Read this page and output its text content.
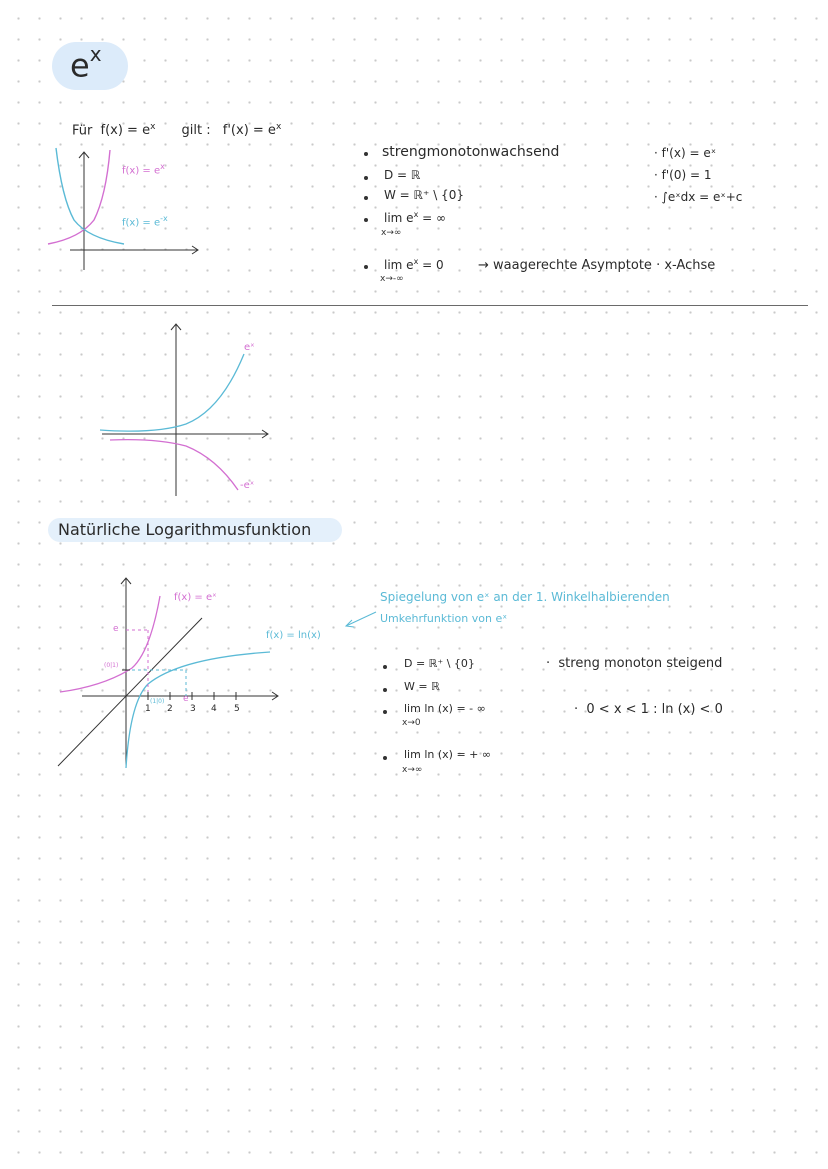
$e^x$
Für $f(x) = e^x$ gilt : $f'(x) = e^x$
$f(x) = e^x$
$f(x) = e^{-x}$
strengmonotonwachsend
D = ℝ
W = ℝ⁺ \ {0}
$\lim e^x$ = ∞
x→∞
$\lim e^x = 0$
x→-∞
→ waagerechte Asymptote · x-Achse
· f'(x) = eˣ
· f'(0) = 1
· ∫eˣdx = eˣ+c
eˣ
-eˣ
Natürliche Logarithmusfunktion
f(x) = eˣ
f(x) = ln(x)
e
(0|1)
(1|0)
1 2
e
3 4 5
Spiegelung von eˣ an der 1. Winkelhalbierenden
Umkehrfunktion von eˣ
D = ℝ⁺ \ {0}
W = ℝ
lim ln (x) = - ∞
x→0
lim ln (x) = + ∞
x→∞
·  streng monoton steigend
·  0 < x < 1 : ln (x) < 0
